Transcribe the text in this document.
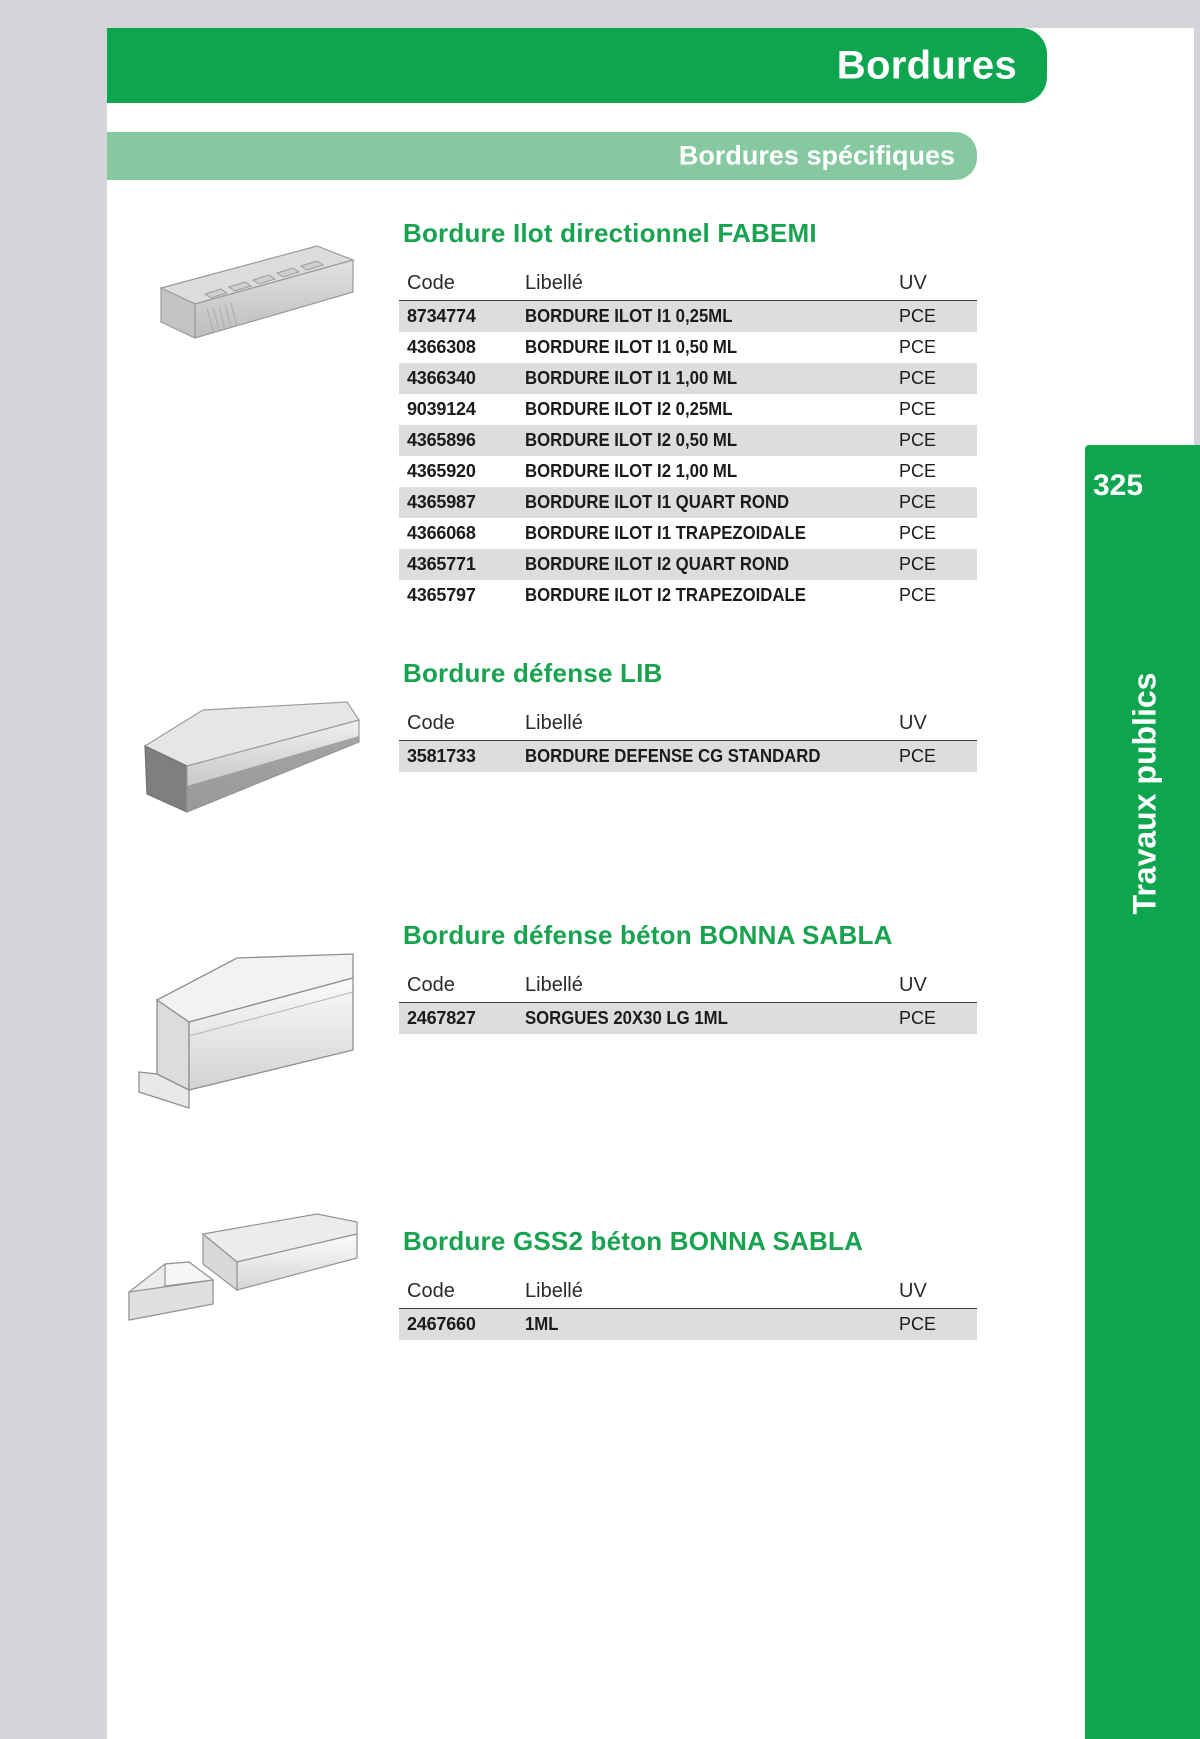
Bordures
Bordures spécifiques
Bordure Ilot directionnel FABEMI
Code	Libellé	UV
8734774	BORDURE ILOT I1 0,25ML	PCE
4366308	BORDURE ILOT I1 0,50 ML	PCE
4366340	BORDURE ILOT I1 1,00 ML	PCE
9039124	BORDURE ILOT I2 0,25ML	PCE
4365896	BORDURE ILOT I2 0,50 ML	PCE
4365920	BORDURE ILOT I2 1,00 ML	PCE
4365987	BORDURE ILOT I1 QUART ROND	PCE
4366068	BORDURE ILOT I1 TRAPEZOIDALE	PCE
4365771	BORDURE ILOT I2 QUART ROND	PCE
4365797	BORDURE ILOT I2 TRAPEZOIDALE	PCE
Bordure défense LIB
Code	Libellé	UV
3581733	BORDURE DEFENSE CG STANDARD	PCE
Bordure défense béton BONNA SABLA
Code	Libellé	UV
2467827	SORGUES 20X30 LG 1ML	PCE
Bordure GSS2 béton BONNA SABLA
Code	Libellé	UV
2467660	1ML	PCE
325
Travaux publics
